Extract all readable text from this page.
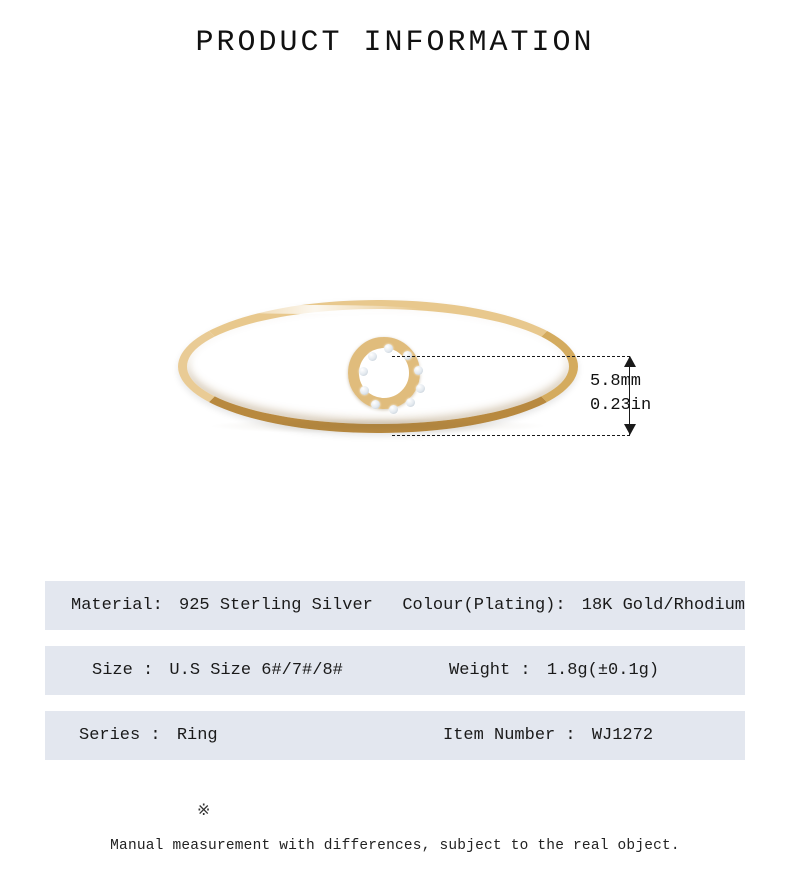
PRODUCT INFORMATION
5.8mm
0.23in
Material: 925 Sterling Silver	Colour(Plating): 18K Gold/Rhodium
Size : U.S Size 6#/7#/8#	Weight : 1.8g(±0.1g)
Series : Ring	Item Number : WJ1272
※
Manual measurement with differences, subject to the real object.
